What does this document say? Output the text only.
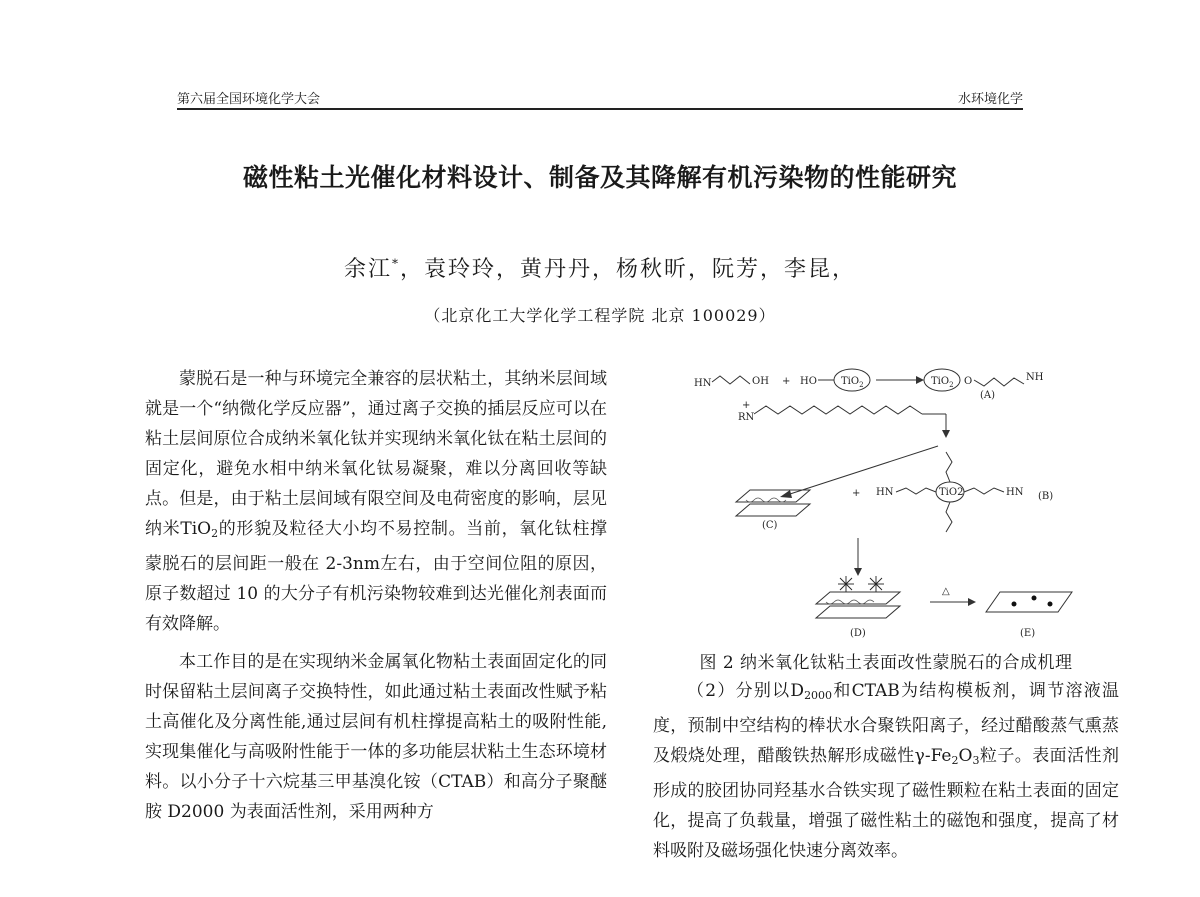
第六届全国环境化学大会	水环境化学
磁性粘土光催化材料设计、制备及其降解有机污染物的性能研究
余江*，袁玲玲，黄丹丹，杨秋昕，阮芳，李昆，
（北京化工大学化学工程学院 北京 100029）

蒙脱石是一种与环境完全兼容的层状粘土，其纳米层间域就是一个“纳微化学反应器”，通过离子交换的插层反应可以在粘土层间原位合成纳米氧化钛并实现纳米氧化钛在粘土层间的固定化，避免水相中纳米氧化钛易凝聚，难以分离回收等缺点。但是，由于粘土层间域有限空间及电荷密度的影响，层见纳米TiO$_2$的形貌及粒径大小均不易控制。当前，氧化钛柱撑蒙脱石的层间距一般在 2-3nm左右，由于空间位阻的原因，原子数超过 10 的大分子有机污染物较难到达光催化剂表面而有效降解。

本工作目的是在实现纳米金属氧化物粘土表面固定化的同时保留粘土层间离子交换特性，如此通过粘土表面改性赋予粘土高催化及分离性能,通过层间有机柱撑提高粘土的吸附性能,实现集催化与高吸附性能于一体的多功能层状粘土生态环境材料。以小分子十六烷基三甲基溴化铵（CTAB）和高分子聚醚胺 D2000 为表面活性剂，采用两种方

HN	OH + HO TiO$_2$	TiO$_2$ O	NH
(A)
+
RN
TiO2
HN	HN (B)
+
(C)
(D)
△
(E)
图 2 纳米氧化钛粘土表面改性蒙脱石的合成机理

（2）分别以$D_{2000}$和CTAB为结构模板剂，调节溶液温度，预制中空结构的棒状水合聚铁阳离子，经过醋酸蒸气熏蒸及煅烧处理，醋酸铁热解形成磁性$\gamma-Fe_2O_3$粒子。表面活性剂形成的胶团协同羟基水合铁实现了磁性颗粒在粘土表面的固定化，提高了负载量，增强了磁性粘土的磁饱和强度，提高了材料吸附及磁场强化快速分离效率。
